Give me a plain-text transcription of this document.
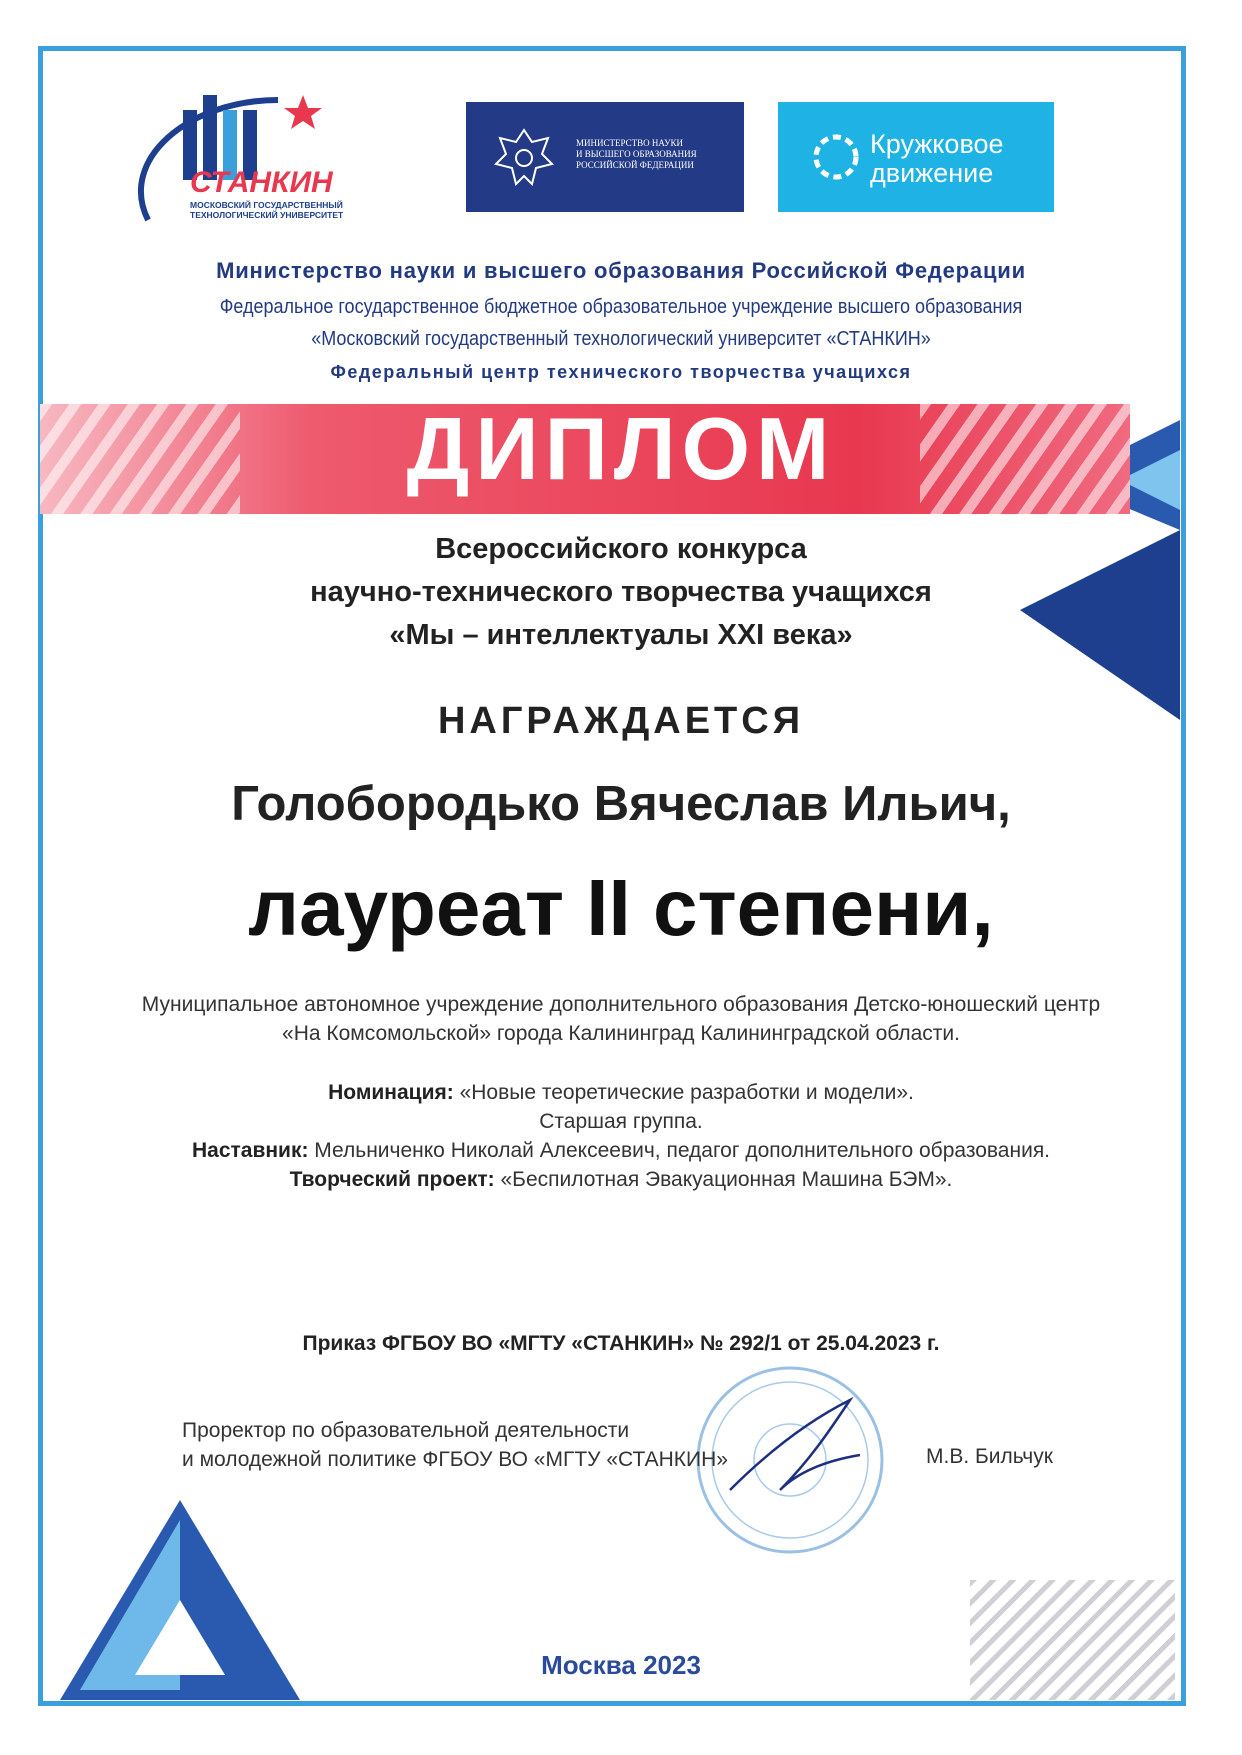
СТАНКИН
МОСКОВСКИЙ ГОСУДАРСТВЕННЫЙ
ТЕХНОЛОГИЧЕСКИЙ УНИВЕРСИТЕТ
МИНИСТЕРСТВО НАУКИ
И ВЫСШЕГО ОБРАЗОВАНИЯ
РОССИЙСКОЙ ФЕДЕРАЦИИ
Кружковое
движение
Министерство науки и высшего образования Российской Федерации
Федеральное государственное бюджетное образовательное учреждение высшего образования
«Московский государственный технологический университет «СТАНКИН»
Федеральный центр технического творчества учащихся
ДИПЛОМ
Всероссийского конкурса
научно-технического творчества учащихся
«Мы – интеллектуалы XXI века»
НАГРАЖДАЕТСЯ
Голобородько Вячеслав Ильич,
лауреат II степени,
Муниципальное автономное учреждение дополнительного образования Детско-юношеский центр
«На Комсомольской» города Калининград Калининградской области.
Номинация: «Новые теоретические разработки и модели».
Старшая группа.
Наставник: Мельниченко Николай Алексеевич, педагог дополнительного образования.
Творческий проект: «Беспилотная Эвакуационная Машина БЭМ».
Приказ ФГБОУ ВО «МГТУ «СТАНКИН» № 292/1 от 25.04.2023 г.
Проректор по образовательной деятельности
и молодежной политике ФГБОУ ВО «МГТУ «СТАНКИН»	М.В. Бильчук
Москва 2023
